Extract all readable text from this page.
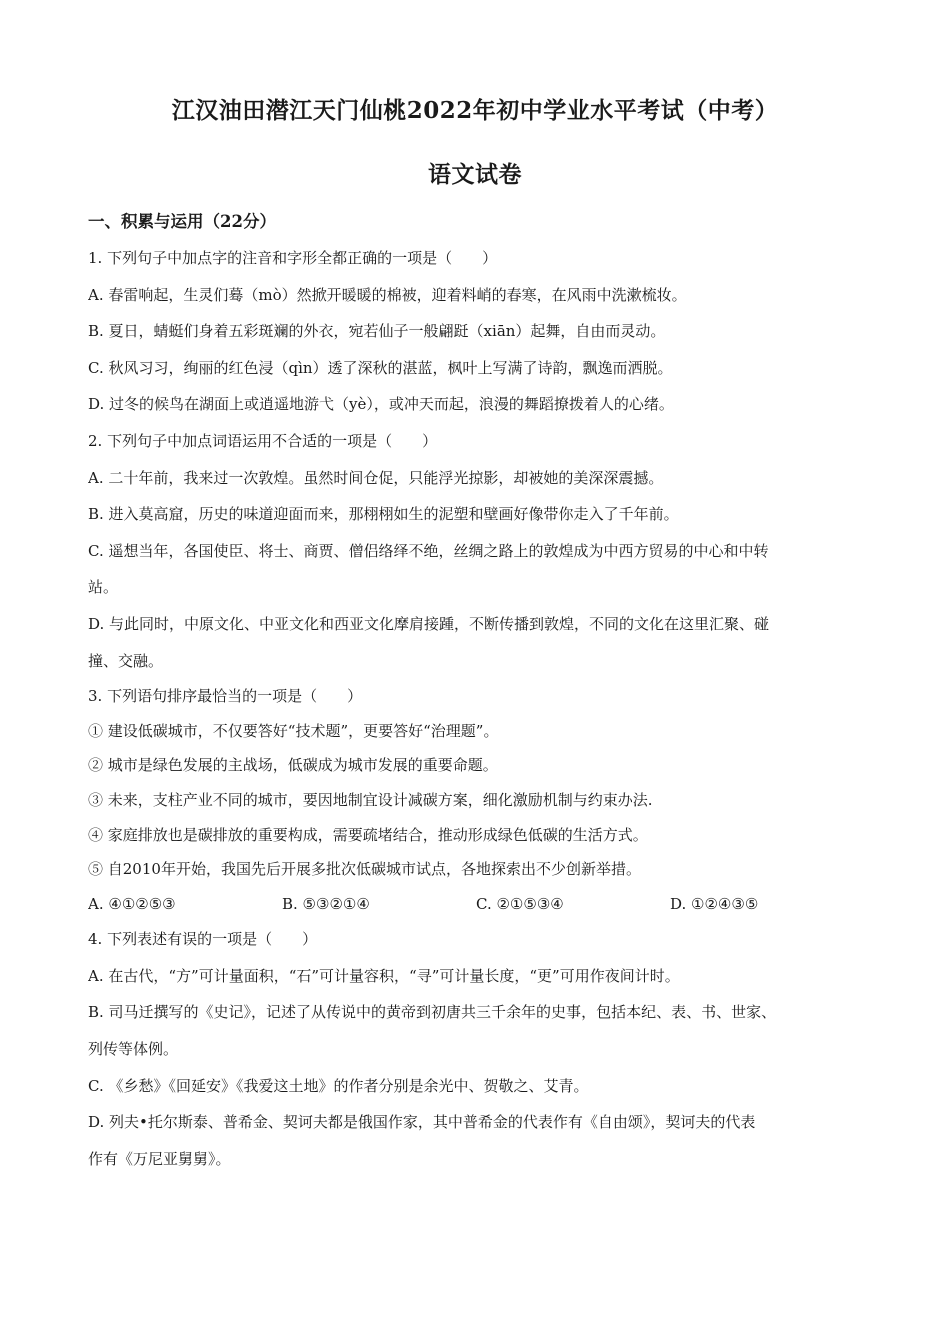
江汉油田潜江天门仙桃2022年初中学业水平考试（中考）
语文试卷
一、积累与运用（22分）
1. 下列句子中加点字的注音和字形全都正确的一项是（　　）
A. 春雷响起，生灵们蓦（mò）然掀开暖暖的棉被，迎着料峭的春寒，在风雨中洗漱梳妆。
B. 夏日，蜻蜓们身着五彩斑斓的外衣，宛若仙子一般翩跹（xiān）起舞，自由而灵动。
C. 秋风习习，绚丽的红色浸（qìn）透了深秋的湛蓝，枫叶上写满了诗韵，飘逸而洒脱。
D. 过冬的候鸟在湖面上或逍遥地游弋（yè），或冲天而起，浪漫的舞蹈撩拨着人的心绪。
2. 下列句子中加点词语运用不合适的一项是（　　）
A. 二十年前，我来过一次敦煌。虽然时间仓促，只能浮光掠影，却被她的美深深震撼。
B. 进入莫高窟，历史的味道迎面而来，那栩栩如生的泥塑和壁画好像带你走入了千年前。
C. 遥想当年，各国使臣、将士、商贾、僧侣络绎不绝，丝绸之路上的敦煌成为中西方贸易的中心和中转
站。
D. 与此同时，中原文化、中亚文化和西亚文化摩肩接踵，不断传播到敦煌，不同的文化在这里汇聚、碰
撞、交融。
3. 下列语句排序最恰当的一项是（　　）
① 建设低碳城市，不仅要答好“技术题”，更要答好“治理题”。
② 城市是绿色发展的主战场，低碳成为城市发展的重要命题。
③ 未来，支柱产业不同的城市，要因地制宜设计减碳方案，细化激励机制与约束办法.
④ 家庭排放也是碳排放的重要构成，需要疏堵结合，推动形成绿色低碳的生活方式。
⑤ 自2010年开始，我国先后开展多批次低碳城市试点，各地探索出不少创新举措。
A. ④①②⑤③	B. ⑤③②①④	C. ②①⑤③④	D. ①②④③⑤
4. 下列表述有误的一项是（　　）
A. 在古代，“方”可计量面积，“石”可计量容积，“寻”可计量长度，“更”可用作夜间计时。
B. 司马迁撰写的《史记》，记述了从传说中的黄帝到初唐共三千余年的史事，包括本纪、表、书、世家、
列传等体例。
C. 《乡愁》《回延安》《我爱这土地》的作者分别是余光中、贺敬之、艾青。
D. 列夫•托尔斯泰、普希金、契诃夫都是俄国作家，其中普希金的代表作有《自由颂》，契诃夫的代表
作有《万尼亚舅舅》。
